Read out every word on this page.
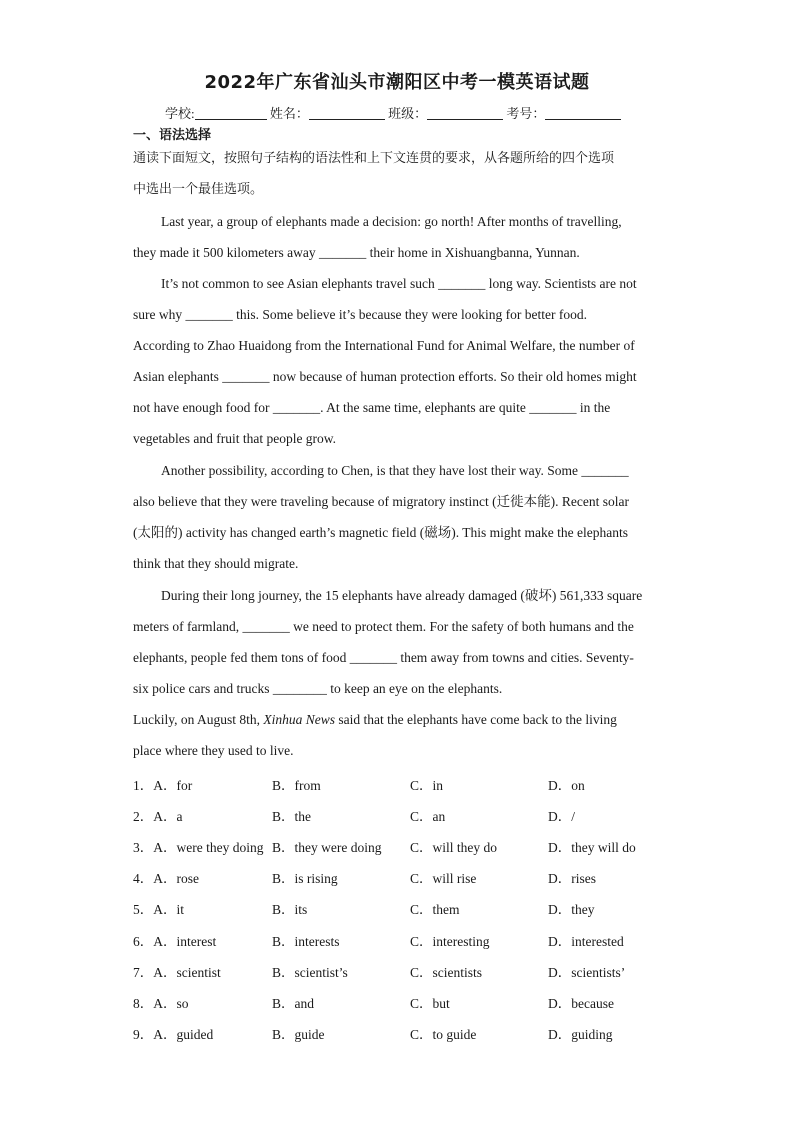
2022年广东省汕头市潮阳区中考一模英语试题
学校:	姓名：	班级：	考号：
一、语法选择
通读下面短文，按照句子结构的语法性和上下文连贯的要求，从各题所给的四个选项
中选出一个最佳选项。
Last year, a group of elephants made a decision: go north! After months of travelling,
they made it 500 kilometers away _______ their home in Xishuangbanna, Yunnan.
It’s not common to see Asian elephants travel such _______ long way. Scientists are not
sure why _______ this. Some believe it’s because they were looking for better food.
According to Zhao Huaidong from the International Fund for Animal Welfare, the number of
Asian elephants _______ now because of human protection efforts. So their old homes might
not have enough food for _______. At the same time, elephants are quite _______ in the
vegetables and fruit that people grow.
Another possibility, according to Chen, is that they have lost their way. Some _______
also believe that they were traveling because of migratory instinct (迁徙本能). Recent solar
(太阳的) activity has changed earth’s magnetic field (磁场). This might make the elephants
think that they should migrate.
During their long journey, the 15 elephants have already damaged (破坏) 561,333 square
meters of farmland, _______ we need to protect them. For the safety of both humans and the
elephants, people fed them tons of food _______ them away from towns and cities. Seventy-
six police cars and trucks ________ to keep an eye on the elephants.
Luckily, on August 8th, Xinhua News said that the elephants have come back to the living
place where they used to live.
1．A．for	B．from	C．in	D．on
2．A．a	B．the	C．an	D．/
3．A．were they doing B．they were doing C．will they do	D．they will do
4．A．rose	B．is rising	C．will rise	D．rises
5．A．it	B．its	C．them	D．they
6．A．interest	B．interests	C．interesting	D．interested
7．A．scientist	B．scientist’s	C．scientists	D．scientists’
8．A．so	B．and	C．but	D．because
9．A．guided	B．guide	C．to guide	D．guiding
